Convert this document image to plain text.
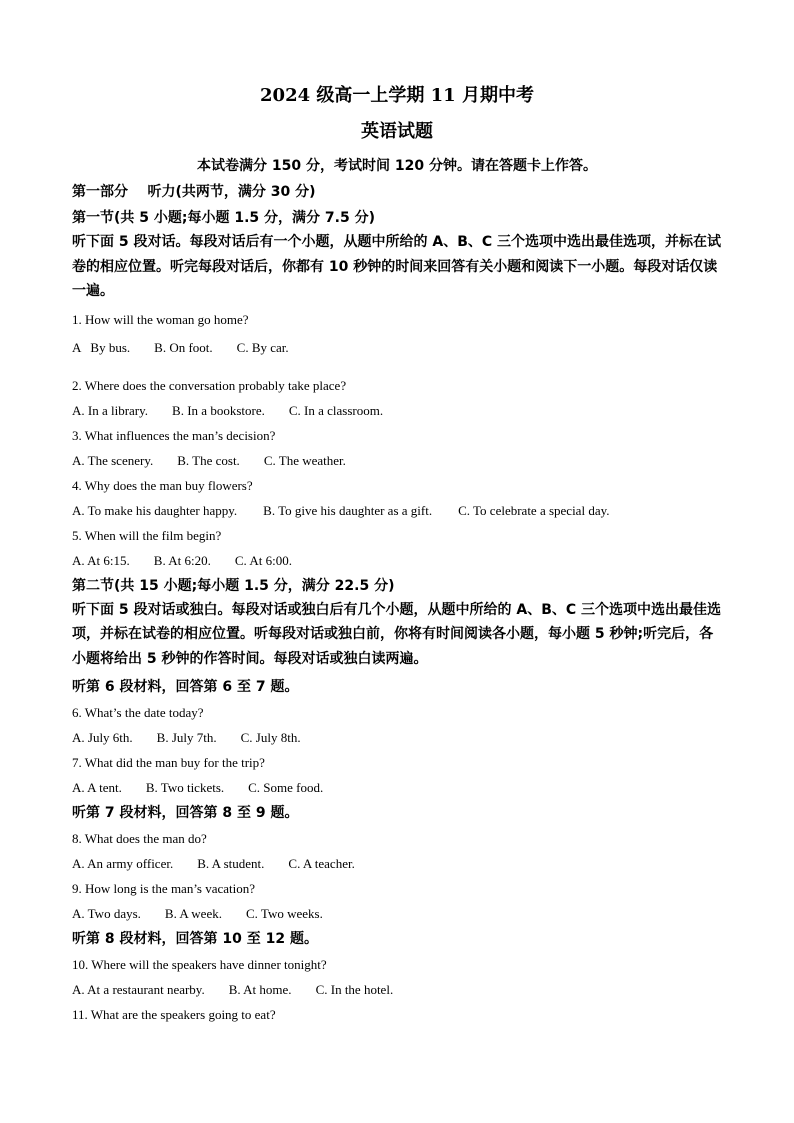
2024 级高一上学期 11 月期中考
英语试题
本试卷满分 150 分，考试时间 120 分钟。请在答题卡上作答。
第一部分    听力(共两节，满分 30 分)
第一节(共 5 小题;每小题 1.5 分，满分 7.5 分)
听下面 5 段对话。每段对话后有一个小题，从题中所给的 A、B、C 三个选项中选出最佳选项，并标在试卷的相应位置。听完每段对话后，你都有 10 秒钟的时间来回答有关小题和阅读下一小题。每段对话仅读一遍。
1. How will the woman go home?
A   By bus. B. On foot. C. By car.
2. Where does the conversation probably take place?
A. In a library. B. In a bookstore. C. In a classroom.
3. What influences the man’s decision?
A. The scenery. B. The cost. C. The weather.
4. Why does the man buy flowers?
A. To make his daughter happy. B. To give his daughter as a gift. C. To celebrate a special day.
5. When will the film begin?
A. At 6:15. B. At 6:20. C. At 6:00.
第二节(共 15 小题;每小题 1.5 分，满分 22.5 分)
听下面 5 段对话或独白。每段对话或独白后有几个小题，从题中所给的 A、B、C 三个选项中选出最佳选项，并标在试卷的相应位置。听每段对话或独白前，你将有时间阅读各小题，每小题 5 秒钟;听完后，各小题将给出 5 秒钟的作答时间。每段对话或独白读两遍。
听第 6 段材料，回答第 6 至 7 题。
6. What’s the date today?
A. July 6th. B. July 7th. C. July 8th.
7. What did the man buy for the trip?
A. A tent. B. Two tickets. C. Some food.
听第 7 段材料，回答第 8 至 9 题。
8. What does the man do?
A. An army officer. B. A student. C. A teacher.
9. How long is the man’s vacation?
A. Two days. B. A week. C. Two weeks.
听第 8 段材料，回答第 10 至 12 题。
10. Where will the speakers have dinner tonight?
A. At a restaurant nearby. B. At home. C. In the hotel.
11. What are the speakers going to eat?
